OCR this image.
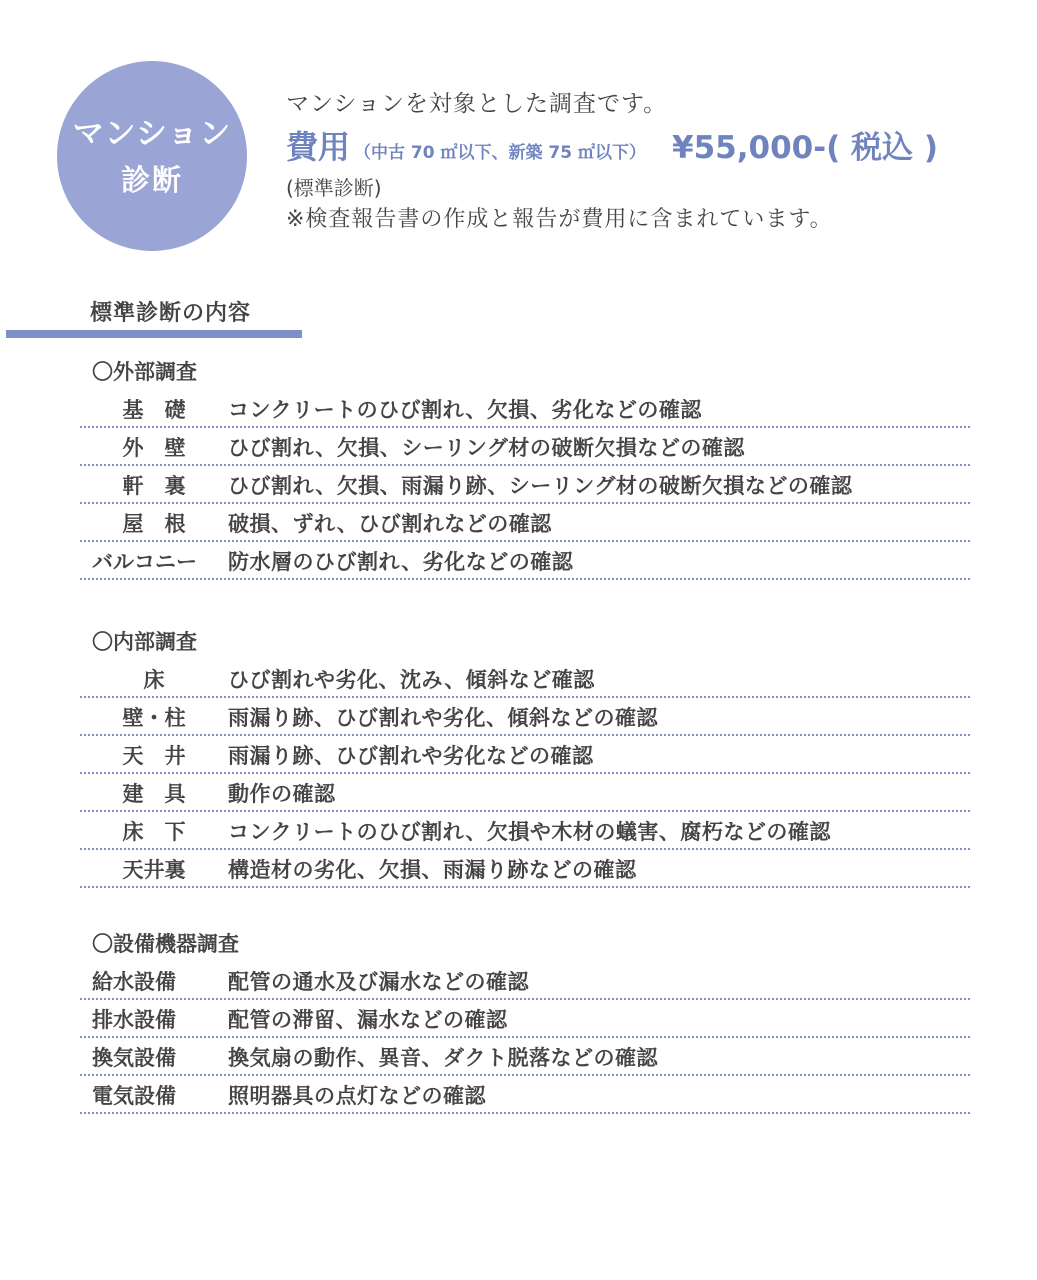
マンション
診断
マンションを対象とした調査です。
費用 （中古 70 ㎡以下、新築 75 ㎡以下） ¥55,000-( 税込 )
(標準診断)
※検査報告書の作成と報告が費用に含まれています。
標準診断の内容
〇外部調査
基　礎	コンクリートのひび割れ、欠損、劣化などの確認
外　壁	ひび割れ、欠損、シーリング材の破断欠損などの確認
軒　裏	ひび割れ、欠損、雨漏り跡、シーリング材の破断欠損などの確認
屋　根	破損、ずれ、ひび割れなどの確認
バルコニー	防水層のひび割れ、劣化などの確認
〇内部調査
床	ひび割れや劣化、沈み、傾斜など確認
壁・柱	雨漏り跡、ひび割れや劣化、傾斜などの確認
天　井	雨漏り跡、ひび割れや劣化などの確認
建　具	動作の確認
床　下	コンクリートのひび割れ、欠損や木材の蟻害、腐朽などの確認
天井裏	構造材の劣化、欠損、雨漏り跡などの確認
〇設備機器調査
給水設備	配管の通水及び漏水などの確認
排水設備	配管の滞留、漏水などの確認
換気設備	換気扇の動作、異音、ダクト脱落などの確認
電気設備	照明器具の点灯などの確認
